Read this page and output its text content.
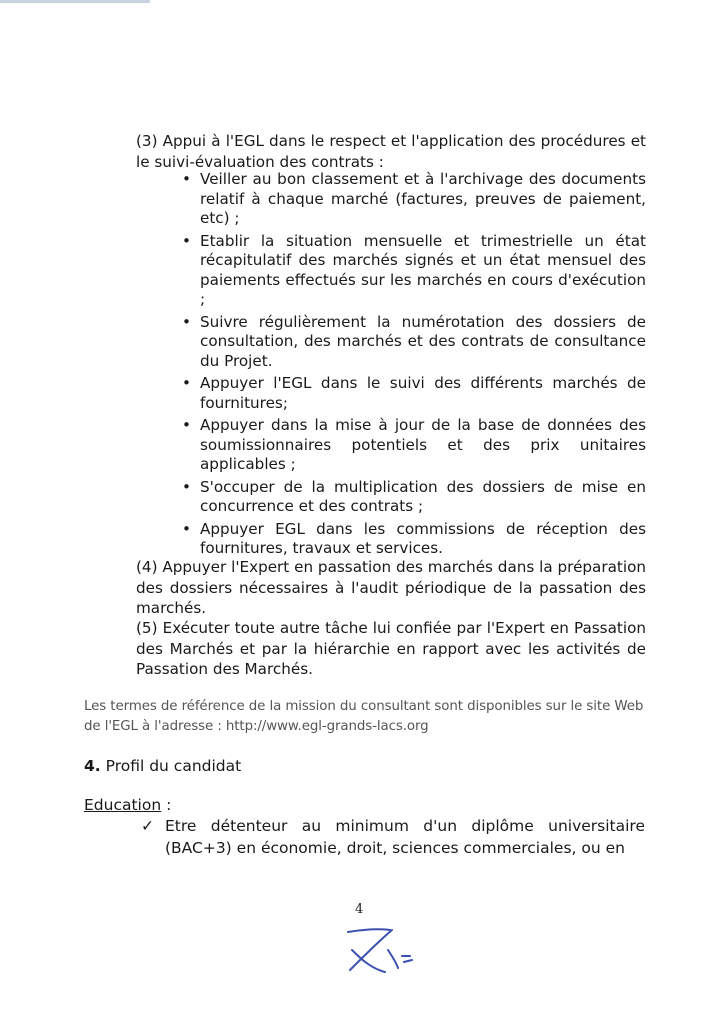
(3) Appui à l'EGL dans le respect et l'application des procédures et le suivi-évaluation des contrats :
• Veiller au bon classement et à l'archivage des documents relatif à chaque marché (factures, preuves de paiement, etc) ;
• Etablir la situation mensuelle et trimestrielle un état récapitulatif des marchés signés et un état mensuel des paiements effectués sur les marchés en cours d'exécution ;
• Suivre régulièrement la numérotation des dossiers de consultation, des marchés et des contrats de consultance du Projet.
• Appuyer l'EGL dans le suivi des différents marchés de fournitures;
• Appuyer dans la mise à jour de la base de données des soumissionnaires potentiels et des prix unitaires applicables ;
• S'occuper de la multiplication des dossiers de mise en concurrence et des contrats ;
• Appuyer EGL dans les commissions de réception des fournitures, travaux et services.
(4) Appuyer l'Expert en passation des marchés dans la préparation des dossiers nécessaires à l'audit périodique de la passation des marchés.
(5) Exécuter toute autre tâche lui confiée par l'Expert en Passation des Marchés et par la hiérarchie en rapport avec les activités de Passation des Marchés.
Les termes de référence de la mission du consultant sont disponibles sur le site Web de l'EGL à l'adresse : http://www.egl-grands-lacs.org
4. Profil du candidat
Education :
✓ Etre détenteur au minimum d'un diplôme universitaire (BAC+3) en économie, droit, sciences commerciales, ou en
4
